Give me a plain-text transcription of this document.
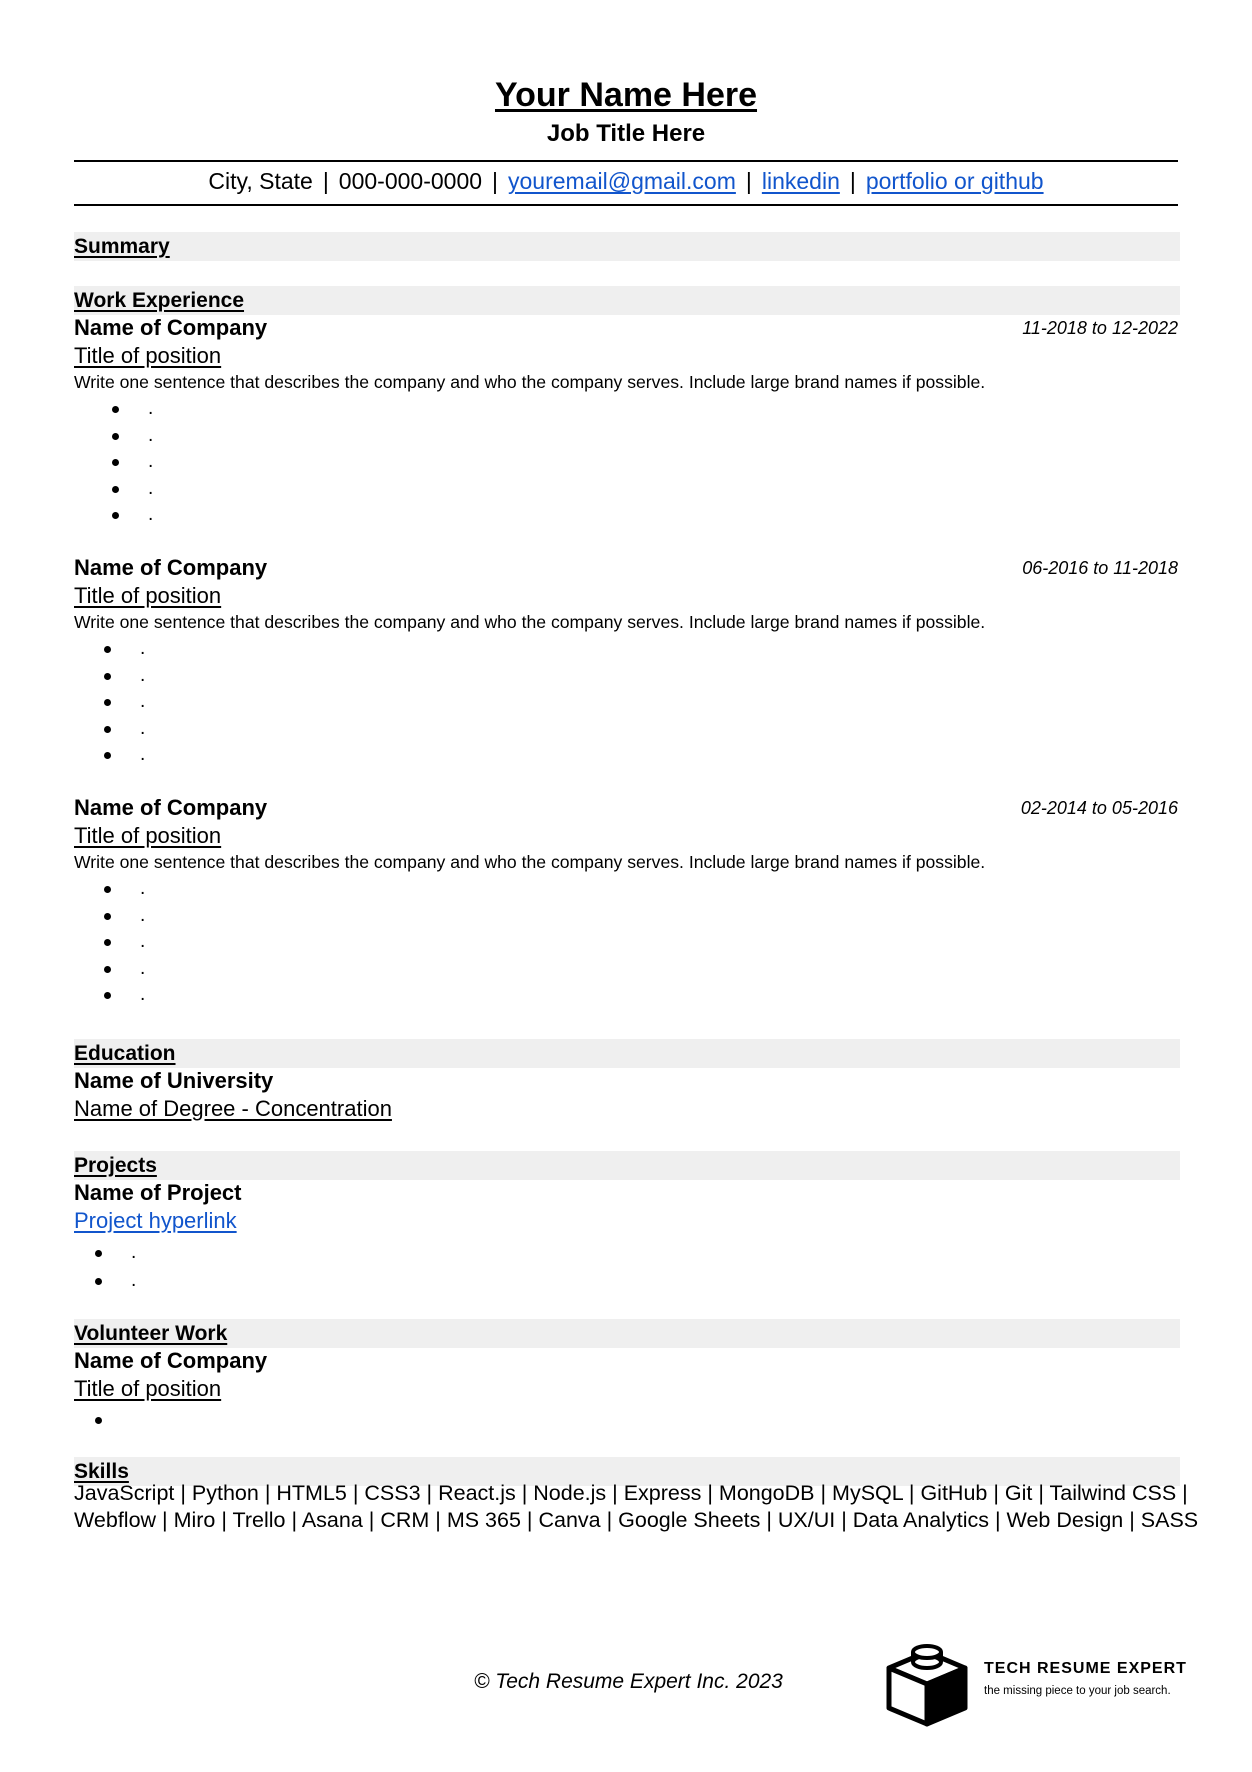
Your Name Here
Job Title Here
City, State | 000-000-0000 | youremail@gmail.com | linkedin | portfolio or github
Summary
Work Experience
Name of Company	11-2018 to 12-2022
Title of position
Write one sentence that describes the company and who the company serves. Include large brand names if possible.
.
.
.
.
.
Name of Company	06-2016 to 11-2018
Title of position
Write one sentence that describes the company and who the company serves. Include large brand names if possible.
.
.
.
.
.
Name of Company	02-2014 to 05-2016
Title of position
Write one sentence that describes the company and who the company serves. Include large brand names if possible.
.
.
.
.
.
Education
Name of University
Name of Degree - Concentration
Projects
Name of Project
Project hyperlink
.
.
Volunteer Work
Name of Company
Title of position
Skills
JavaScript | Python | HTML5 | CSS3 | React.js | Node.js | Express | MongoDB | MySQL | GitHub | Git | Tailwind CSS |
Webflow | Miro | Trello | Asana | CRM | MS 365 | Canva | Google Sheets | UX/UI | Data Analytics | Web Design | SASS
© Tech Resume Expert Inc. 2023
TECH RESUME EXPERT
the missing piece to your job search.
